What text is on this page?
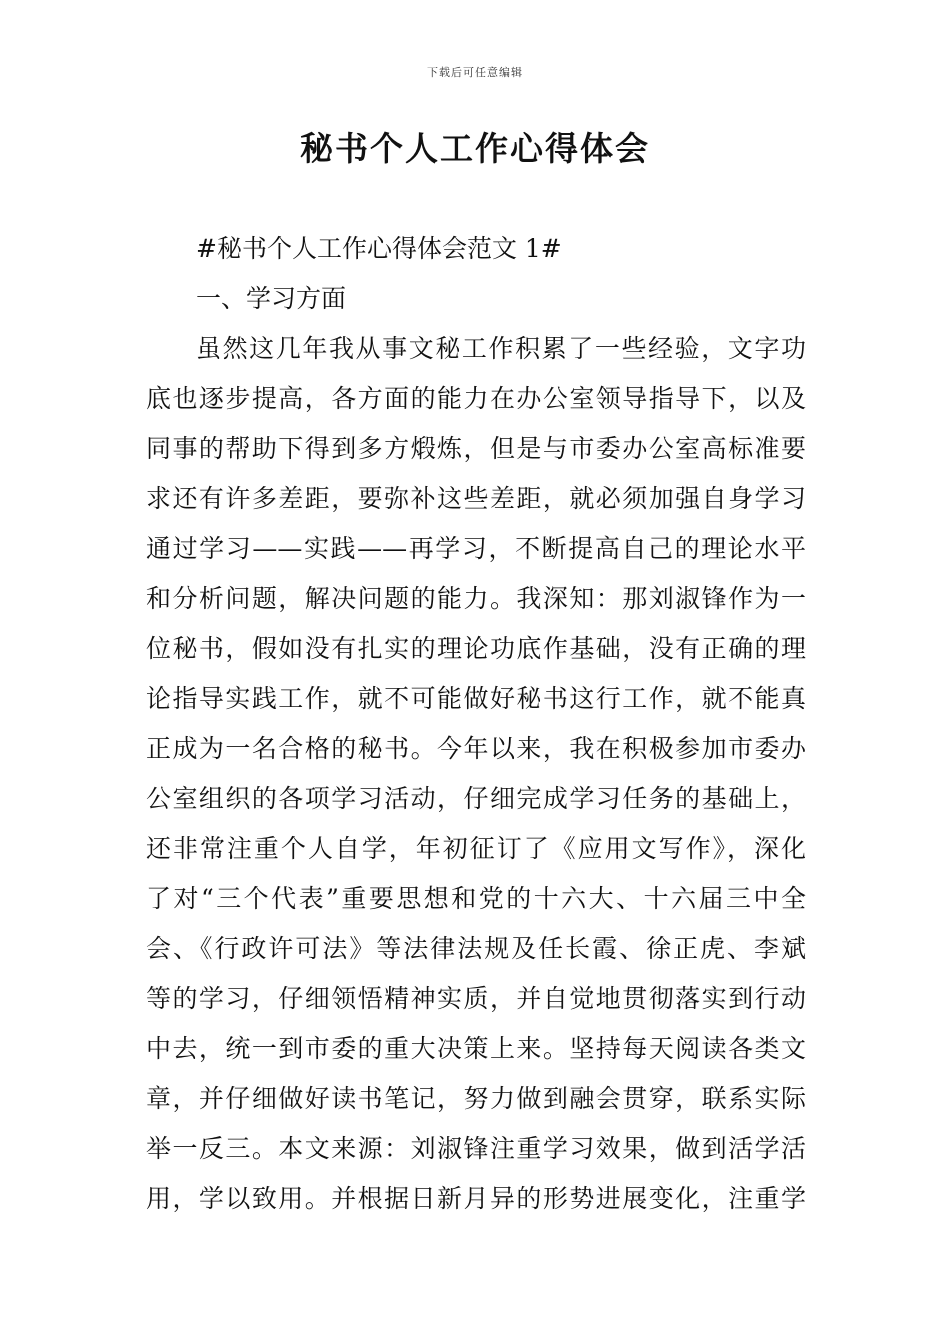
下载后可任意编辑
秘书个人工作心得体会
#秘书个人工作心得体会范文 1#
一、学习方面
虽然这几年我从事文秘工作积累了一些经验，文字功
底也逐步提高，各方面的能力在办公室领导指导下，以及
同事的帮助下得到多方煅炼，但是与市委办公室高标准要
求还有许多差距，要弥补这些差距，就必须加强自身学习
通过学习——实践——再学习，不断提高自己的理论水平
和分析问题，解决问题的能力。我深知：那刘淑锋作为一
位秘书，假如没有扎实的理论功底作基础，没有正确的理
论指导实践工作，就不可能做好秘书这行工作，就不能真
正成为一名合格的秘书。今年以来，我在积极参加市委办
公室组织的各项学习活动，仔细完成学习任务的基础上，
还非常注重个人自学，年初征订了《应用文写作》，深化
了对“三个代表”重要思想和党的十六大、十六届三中全
会、《行政许可法》等法律法规及任长霞、徐正虎、李斌
等的学习，仔细领悟精神实质，并自觉地贯彻落实到行动
中去，统一到市委的重大决策上来。坚持每天阅读各类文
章，并仔细做好读书笔记，努力做到融会贯穿，联系实际
举一反三。本文来源：刘淑锋注重学习效果，做到活学活
用，学以致用。并根据日新月异的形势进展变化，注重学
